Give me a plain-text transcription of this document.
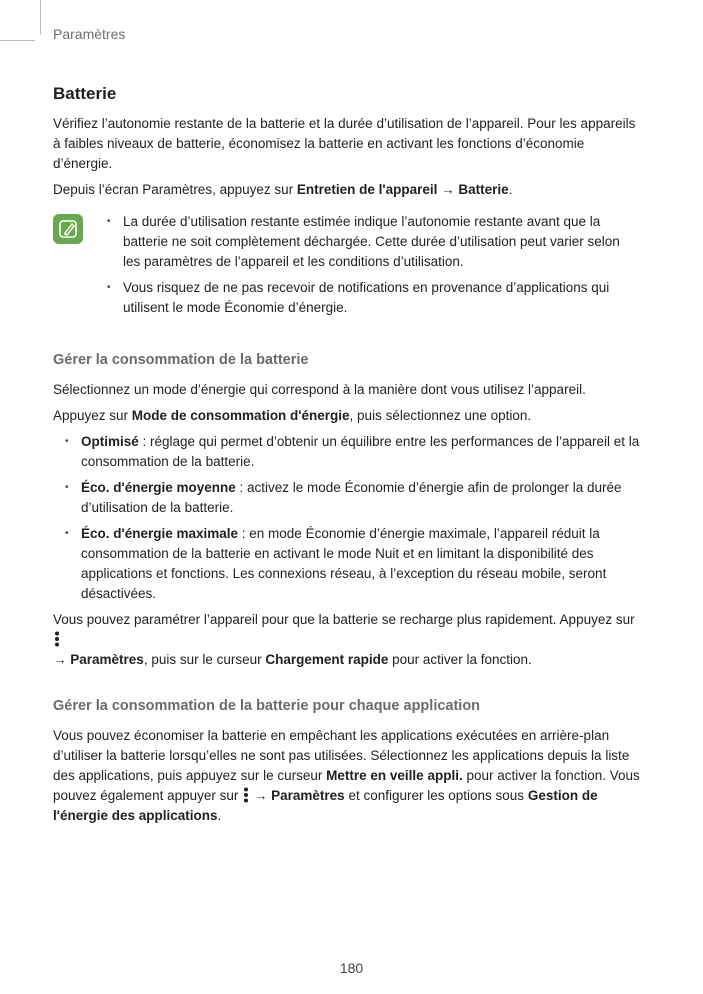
Paramètres
Batterie

Vérifiez l’autonomie restante de la batterie et la durée d’utilisation de l’appareil. Pour les appareils à faibles niveaux de batterie, économisez la batterie en activant les fonctions d’économie d’énergie.

Depuis l’écran Paramètres, appuyez sur Entretien de l'appareil → Batterie.

• La durée d’utilisation restante estimée indique l’autonomie restante avant que la batterie ne soit complètement déchargée. Cette durée d’utilisation peut varier selon les paramètres de l’appareil et les conditions d’utilisation.
• Vous risquez de ne pas recevoir de notifications en provenance d’applications qui utilisent le mode Économie d’énergie.
Gérer la consommation de la batterie

Sélectionnez un mode d’énergie qui correspond à la manière dont vous utilisez l’appareil.

Appuyez sur Mode de consommation d'énergie, puis sélectionnez une option.

• Optimisé : réglage qui permet d’obtenir un équilibre entre les performances de l’appareil et la consommation de la batterie.
• Éco. d'énergie moyenne : activez le mode Économie d’énergie afin de prolonger la durée d’utilisation de la batterie.
• Éco. d'énergie maximale : en mode Économie d’énergie maximale, l’appareil réduit la consommation de la batterie en activant le mode Nuit et en limitant la disponibilité des applications et fonctions. Les connexions réseau, à l’exception du réseau mobile, seront désactivées.

Vous pouvez paramétrer l’appareil pour que la batterie se recharge plus rapidement. Appuyez sur
→ Paramètres, puis sur le curseur Chargement rapide pour activer la fonction.

Gérer la consommation de la batterie pour chaque application

Vous pouvez économiser la batterie en empêchant les applications exécutées en arrière-plan d’utiliser la batterie lorsqu’elles ne sont pas utilisées. Sélectionnez les applications depuis la liste des applications, puis appuyez sur le curseur Mettre en veille appli. pour activer la fonction. Vous pouvez également appuyer sur  → Paramètres et configurer les options sous Gestion de l'énergie des applications.

180
